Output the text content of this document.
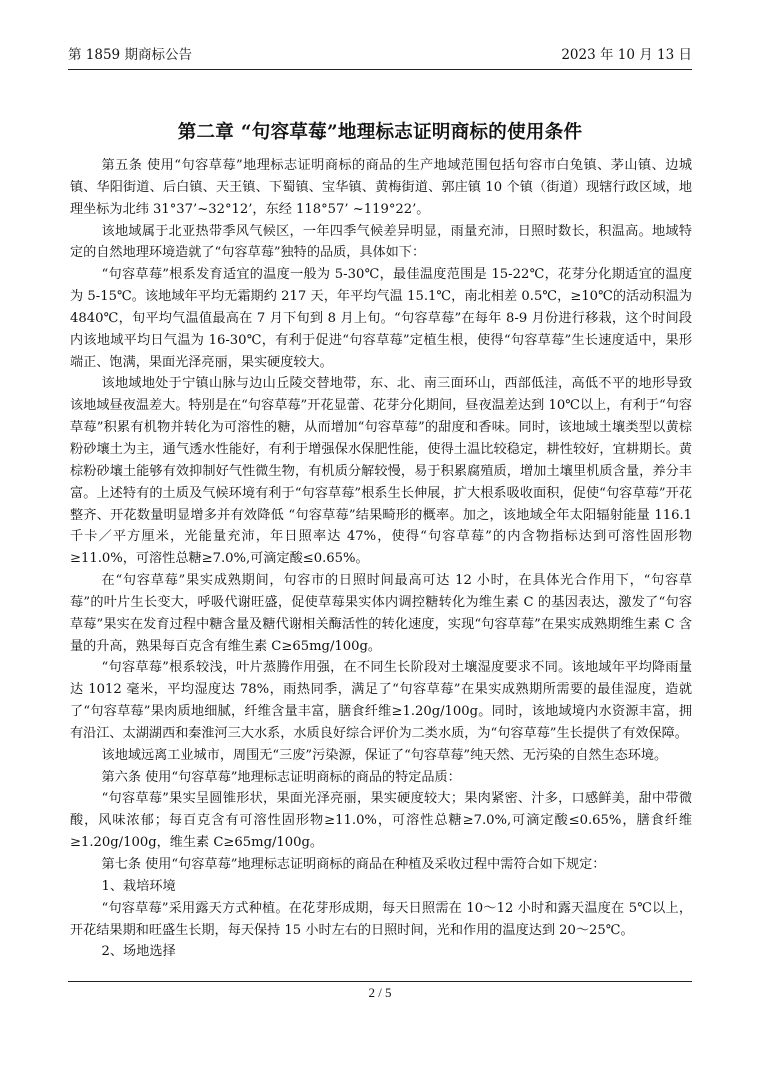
第 1859 期商标公告	2023 年 10 月 13 日
第二章 “句容草莓”地理标志证明商标的使用条件

第五条 使用“句容草莓”地理标志证明商标的商品的生产地域范围包括句容市白兔镇、茅山镇、边城镇、华阳街道、后白镇、天王镇、下蜀镇、宝华镇、黄梅街道、郭庄镇 10 个镇（街道）现辖行政区域，地理坐标为北纬 31°37’~32°12’，东经 118°57’ ~119°22’。

该地域属于北亚热带季风气候区，一年四季气候差异明显，雨量充沛，日照时数长，积温高。地域特定的自然地理环境造就了“句容草莓”独特的品质，具体如下：

“句容草莓”根系发育适宜的温度一般为 5-30℃，最佳温度范围是 15-22℃，花芽分化期适宜的温度为 5-15℃。该地域年平均无霜期约 217 天，年平均气温 15.1℃，南北相差 0.5℃，≥10℃的活动积温为 4840℃，旬平均气温值最高在 7 月下旬到 8 月上旬。“句容草莓”在每年 8-9 月份进行移栽，这个时间段内该地域平均日气温为 16-30℃，有利于促进“句容草莓”定植生根，使得“句容草莓”生长速度适中，果形端正、饱满，果面光泽亮丽，果实硬度较大。

该地域地处于宁镇山脉与边山丘陵交替地带，东、北、南三面环山，西部低洼，高低不平的地形导致该地域昼夜温差大。特别是在“句容草莓”开花显蕾、花芽分化期间，昼夜温差达到 10℃以上，有利于“句容草莓”积累有机物并转化为可溶性的糖，从而增加“句容草莓”的甜度和香味。同时，该地域土壤类型以黄棕粉砂壤土为主，通气透水性能好，有利于增强保水保肥性能，使得土温比较稳定，耕性较好，宜耕期长。黄棕粉砂壤土能够有效抑制好气性微生物，有机质分解较慢，易于积累腐殖质，增加土壤里机质含量，养分丰富。上述特有的土质及气候环境有利于“句容草莓”根系生长伸展，扩大根系吸收面积，促使“句容草莓”开花整齐、开花数量明显增多并有效降低 “句容草莓”结果畸形的概率。加之，该地域全年太阳辐射能量 116.1 千卡／平方厘米，光能量充沛，年日照率达 47%，使得“句容草莓”的内含物指标达到可溶性固形物≥11.0%，可溶性总糖≥7.0%,可滴定酸≤0.65%。

在“句容草莓”果实成熟期间，句容市的日照时间最高可达 12 小时，在具体光合作用下，“句容草莓”的叶片生长变大，呼吸代谢旺盛，促使草莓果实体内调控糖转化为维生素 C 的基因表达，激发了“句容草莓”果实在发育过程中糖含量及糖代谢相关酶活性的转化速度，实现“句容草莓”在果实成熟期维生素 C 含量的升高，熟果每百克含有维生素 C≥65mg/100g。

“句容草莓”根系较浅，叶片蒸腾作用强，在不同生长阶段对土壤湿度要求不同。该地域年平均降雨量达 1012 毫米，平均湿度达 78%，雨热同季，满足了“句容草莓”在果实成熟期所需要的最佳湿度，造就了“句容草莓”果肉质地细腻，纤维含量丰富，膳食纤维≥1.20g/100g。同时，该地域境内水资源丰富，拥有沿江、太湖湖西和秦淮河三大水系，水质良好综合评价为二类水质，为“句容草莓”生长提供了有效保障。

该地域远离工业城市，周围无“三废”污染源，保证了“句容草莓”纯天然、无污染的自然生态环境。

第六条 使用“句容草莓”地理标志证明商标的商品的特定品质：

“句容草莓”果实呈圆锥形状，果面光泽亮丽，果实硬度较大；果肉紧密、汁多，口感鲜美，甜中带微酸，风味浓郁；每百克含有可溶性固形物≥11.0%，可溶性总糖≥7.0%,可滴定酸≤0.65%，膳食纤维≥1.20g/100g，维生素 C≥65mg/100g。

第七条 使用“句容草莓”地理标志证明商标的商品在种植及采收过程中需符合如下规定：

1、栽培环境

“句容草莓”采用露天方式种植。在花芽形成期，每天日照需在 10～12 小时和露天温度在 5℃以上，开花结果期和旺盛生长期，每天保持 15 小时左右的日照时间，光和作用的温度达到 20～25℃。

2、场地选择

2 / 5
